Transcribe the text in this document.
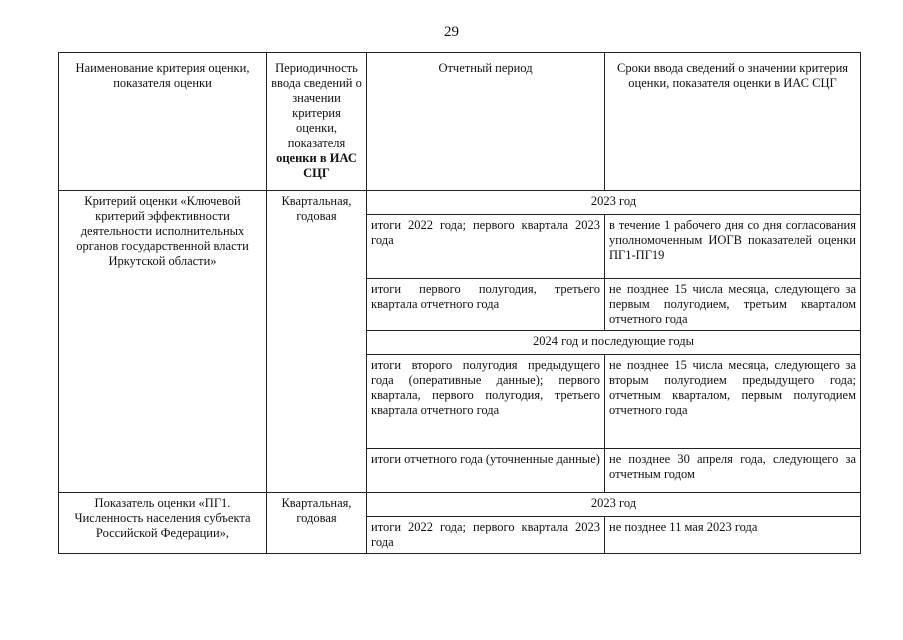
29
Наименование критерия оценки, показателя оценки	Периодичность ввода сведений о значении критерия оценки, показателя оценки в ИАС СЦГ	Отчетный период	Сроки ввода сведений о значении критерия оценки, показателя оценки в ИАС СЦГ
Критерий оценки «Ключевой критерий эффективности деятельности исполнительных органов государственной власти Иркутской области»	Квартальная, годовая	2023 год	
		итоги 2022 года; первого квартала 2023 года	в течение 1 рабочего дня со дня согласования уполномоченным ИОГВ показателей оценки ПГ1-ПГ19
		итоги первого полугодия, третьего квартала отчетного года	не позднее 15 числа месяца, следующего за первым полугодием, третьим кварталом отчетного года
		2024 год и последующие годы	
		итоги второго полугодия предыдущего года (оперативные данные); первого квартала, первого полугодия, третьего квартала отчетного года	не позднее 15 числа месяца, следующего за вторым полугодием предыдущего года; отчетным кварталом, первым полугодием отчетного года
		итоги отчетного года (уточненные данные)	не позднее 30 апреля года, следующего за отчетным годом
Показатель оценки «ПГ1. Численность населения субъекта Российской Федерации»,	Квартальная, годовая	2023 год	
		итоги 2022 года; первого квартала 2023 года	не позднее 11 мая 2023 года
